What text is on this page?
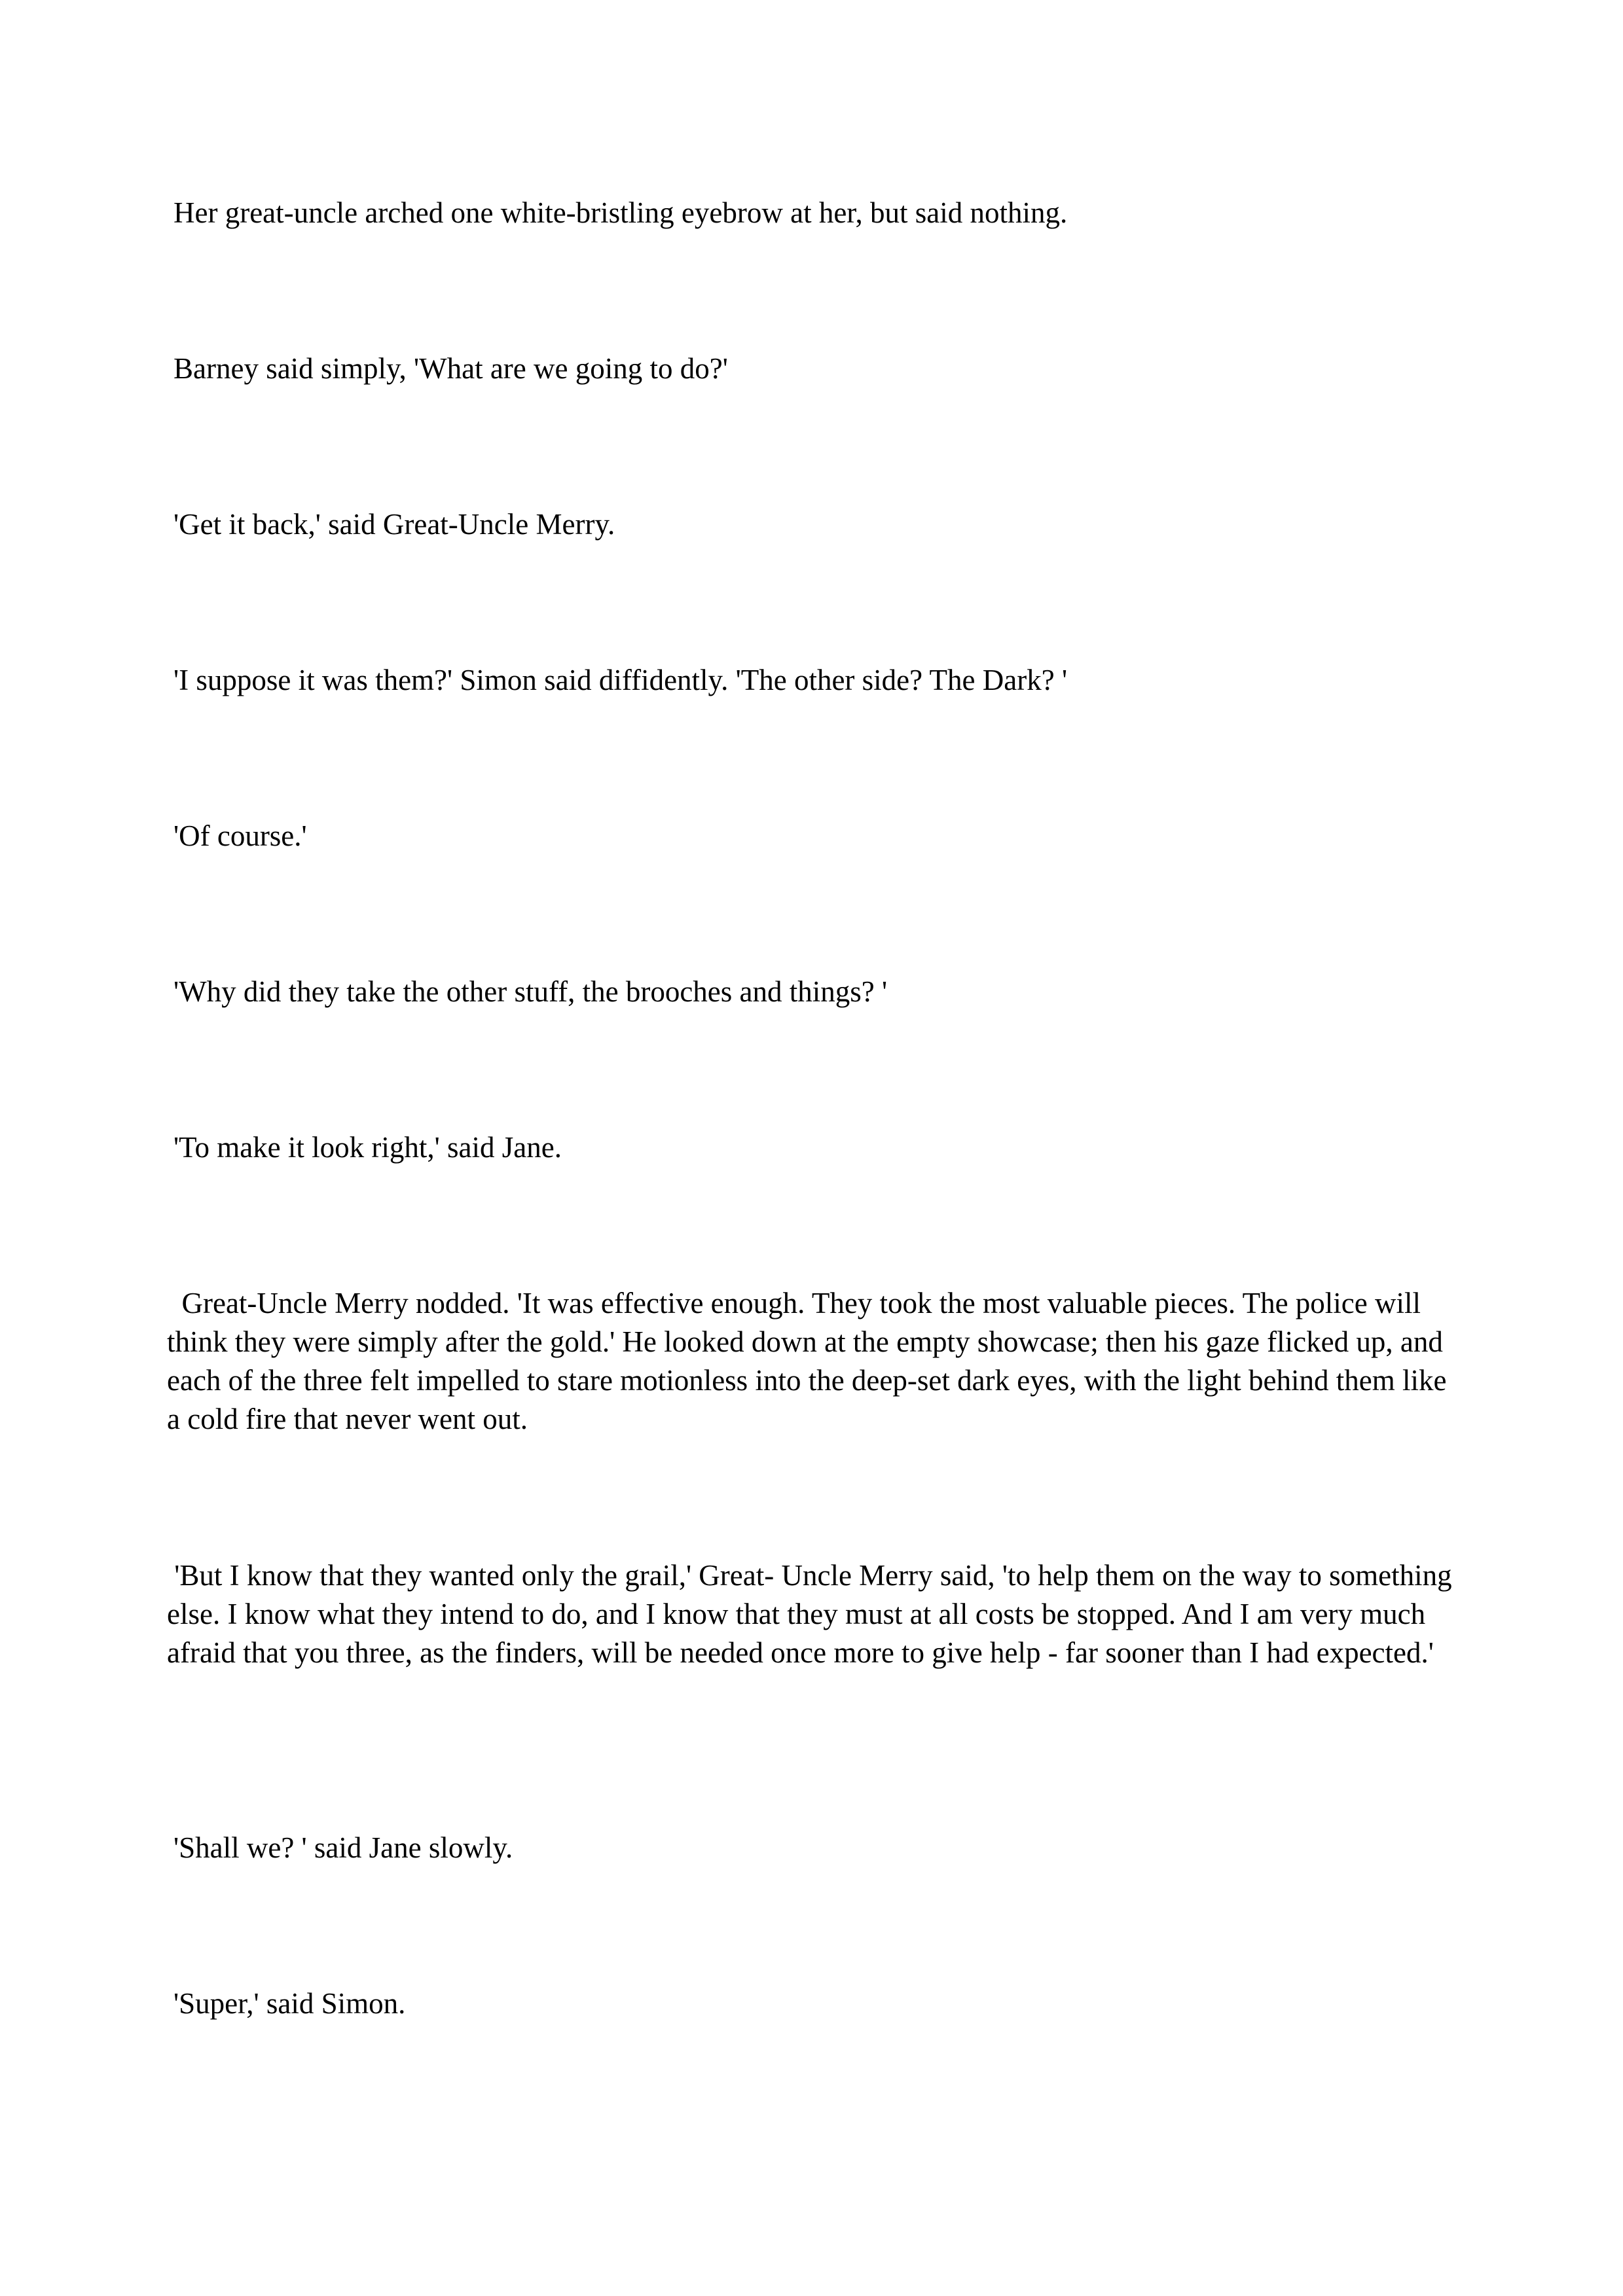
Her great-uncle arched one white-bristling eyebrow at her, but said nothing.

Barney said simply, 'What are we going to do?'

'Get it back,' said Great-Uncle Merry.

'I suppose it was them?' Simon said diffidently. 'The other side? The Dark? '

'Of course.'

'Why did they take the other stuff, the brooches and things? '

'To make it look right,' said Jane.

Great-Uncle Merry nodded. 'It was effective enough. They took the most valuable pieces. The police will think they were simply after the gold.' He looked down at the empty showcase; then his gaze flicked up, and each of the three felt impelled to stare motionless into the deep-set dark eyes, with the light behind them like a cold fire that never went out.

'But I know that they wanted only the grail,' Great- Uncle Merry said, 'to help them on the way to something else. I know what they intend to do, and I know that they must at all costs be stopped. And I am very much afraid that you three, as the finders, will be needed once more to give help - far sooner than I had expected.'

'Shall we? ' said Jane slowly.

'Super,' said Simon.
